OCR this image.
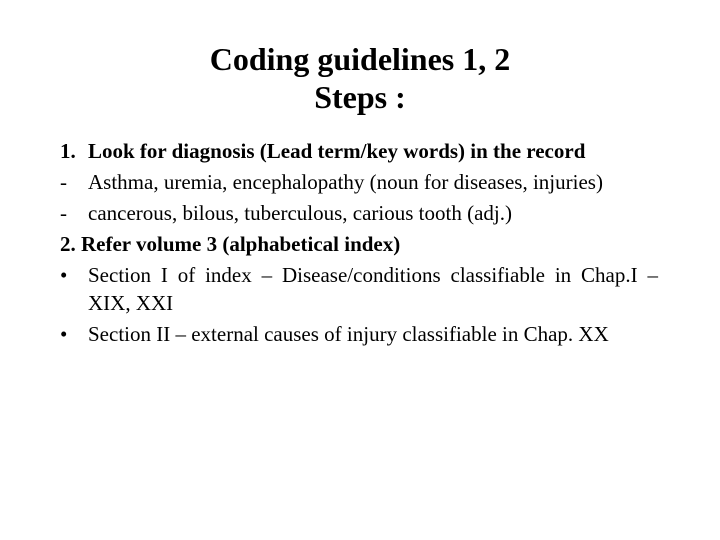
Coding guidelines 1, 2
Steps :
1. Look for diagnosis (Lead term/key words) in the record
-	Asthma, uremia, encephalopathy (noun for diseases, injuries)
-	cancerous, bilous, tuberculous, carious tooth (adj.)
2. Refer volume 3 (alphabetical index)
• Section I of index – Disease/conditions classifiable in Chap.I – XIX, XXI
• Section II – external causes of injury classifiable in Chap. XX
